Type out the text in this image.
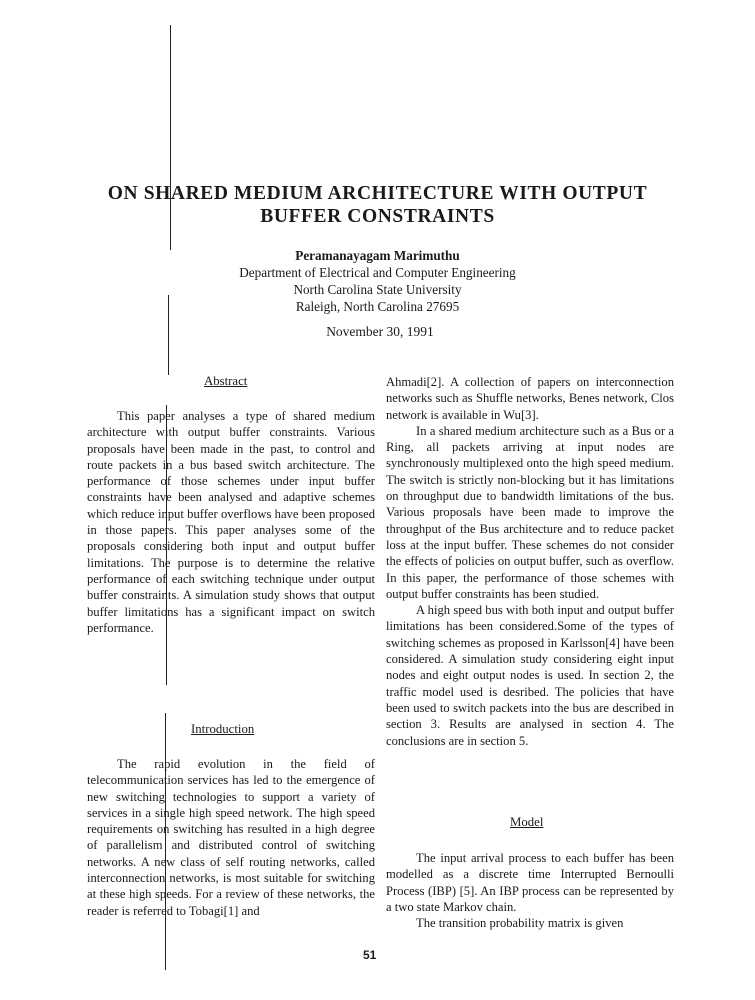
ON SHARED MEDIUM ARCHITECTURE WITH OUTPUT
BUFFER CONSTRAINTS
Peramanayagam Marimuthu
Department of Electrical and Computer Engineering
North Carolina State University
Raleigh, North Carolina 27695
November 30, 1991
Abstract

This paper analyses a type of shared medium architecture with output buffer constraints. Various proposals have been made in the past, to control and route packets in a bus based switch architecture. The performance of those schemes under input buffer constraints have been analysed and adaptive schemes which reduce input buffer overflows have been proposed in those papers. This paper analyses some of the proposals considering both input and output buffer limitations. The purpose is to determine the relative performance of each switching technique under output buffer constraints. A simulation study shows that output buffer limitations has a significant impact on switch performance.

Introduction

The rapid evolution in the field of telecommunication services has led to the emergence of new switching technologies to support a variety of services in a single high speed network. The high speed requirements on switching has resulted in a high degree of parallelism and distributed control of switching networks. A new class of self routing networks, called interconnection networks, is most suitable for switching at these high speeds. For a review of these networks, the reader is referred to Tobagi[1] and

Ahmadi[2]. A collection of papers on interconnection networks such as Shuffle networks, Benes network, Clos network is available in Wu[3].

In a shared medium architecture such as a Bus or a Ring, all packets arriving at input nodes are synchronously multiplexed onto the high speed medium. The switch is strictly non-blocking but it has limitations on throughput due to bandwidth limitations of the bus. Various proposals have been made to improve the throughput of the Bus architecture and to reduce packet loss at the input buffer. These schemes do not consider the effects of policies on output buffer, such as overflow. In this paper, the performance of those schemes with output buffer constraints has been studied.

A high speed bus with both input and output buffer limitations has been considered.Some of the types of switching schemes as proposed in Karlsson[4] have been considered. A simulation study considering eight input nodes and eight output nodes is used. In section 2, the traffic model used is desribed. The policies that have been used to switch packets into the bus are described in section 3. Results are analysed in section 4. The conclusions are in section 5.

Model

The input arrival process to each buffer has been modelled as a discrete time Interrupted Bernoulli Process (IBP) [5]. An IBP process can be represented by a two state Markov chain.

The transition probability matrix is given

51
